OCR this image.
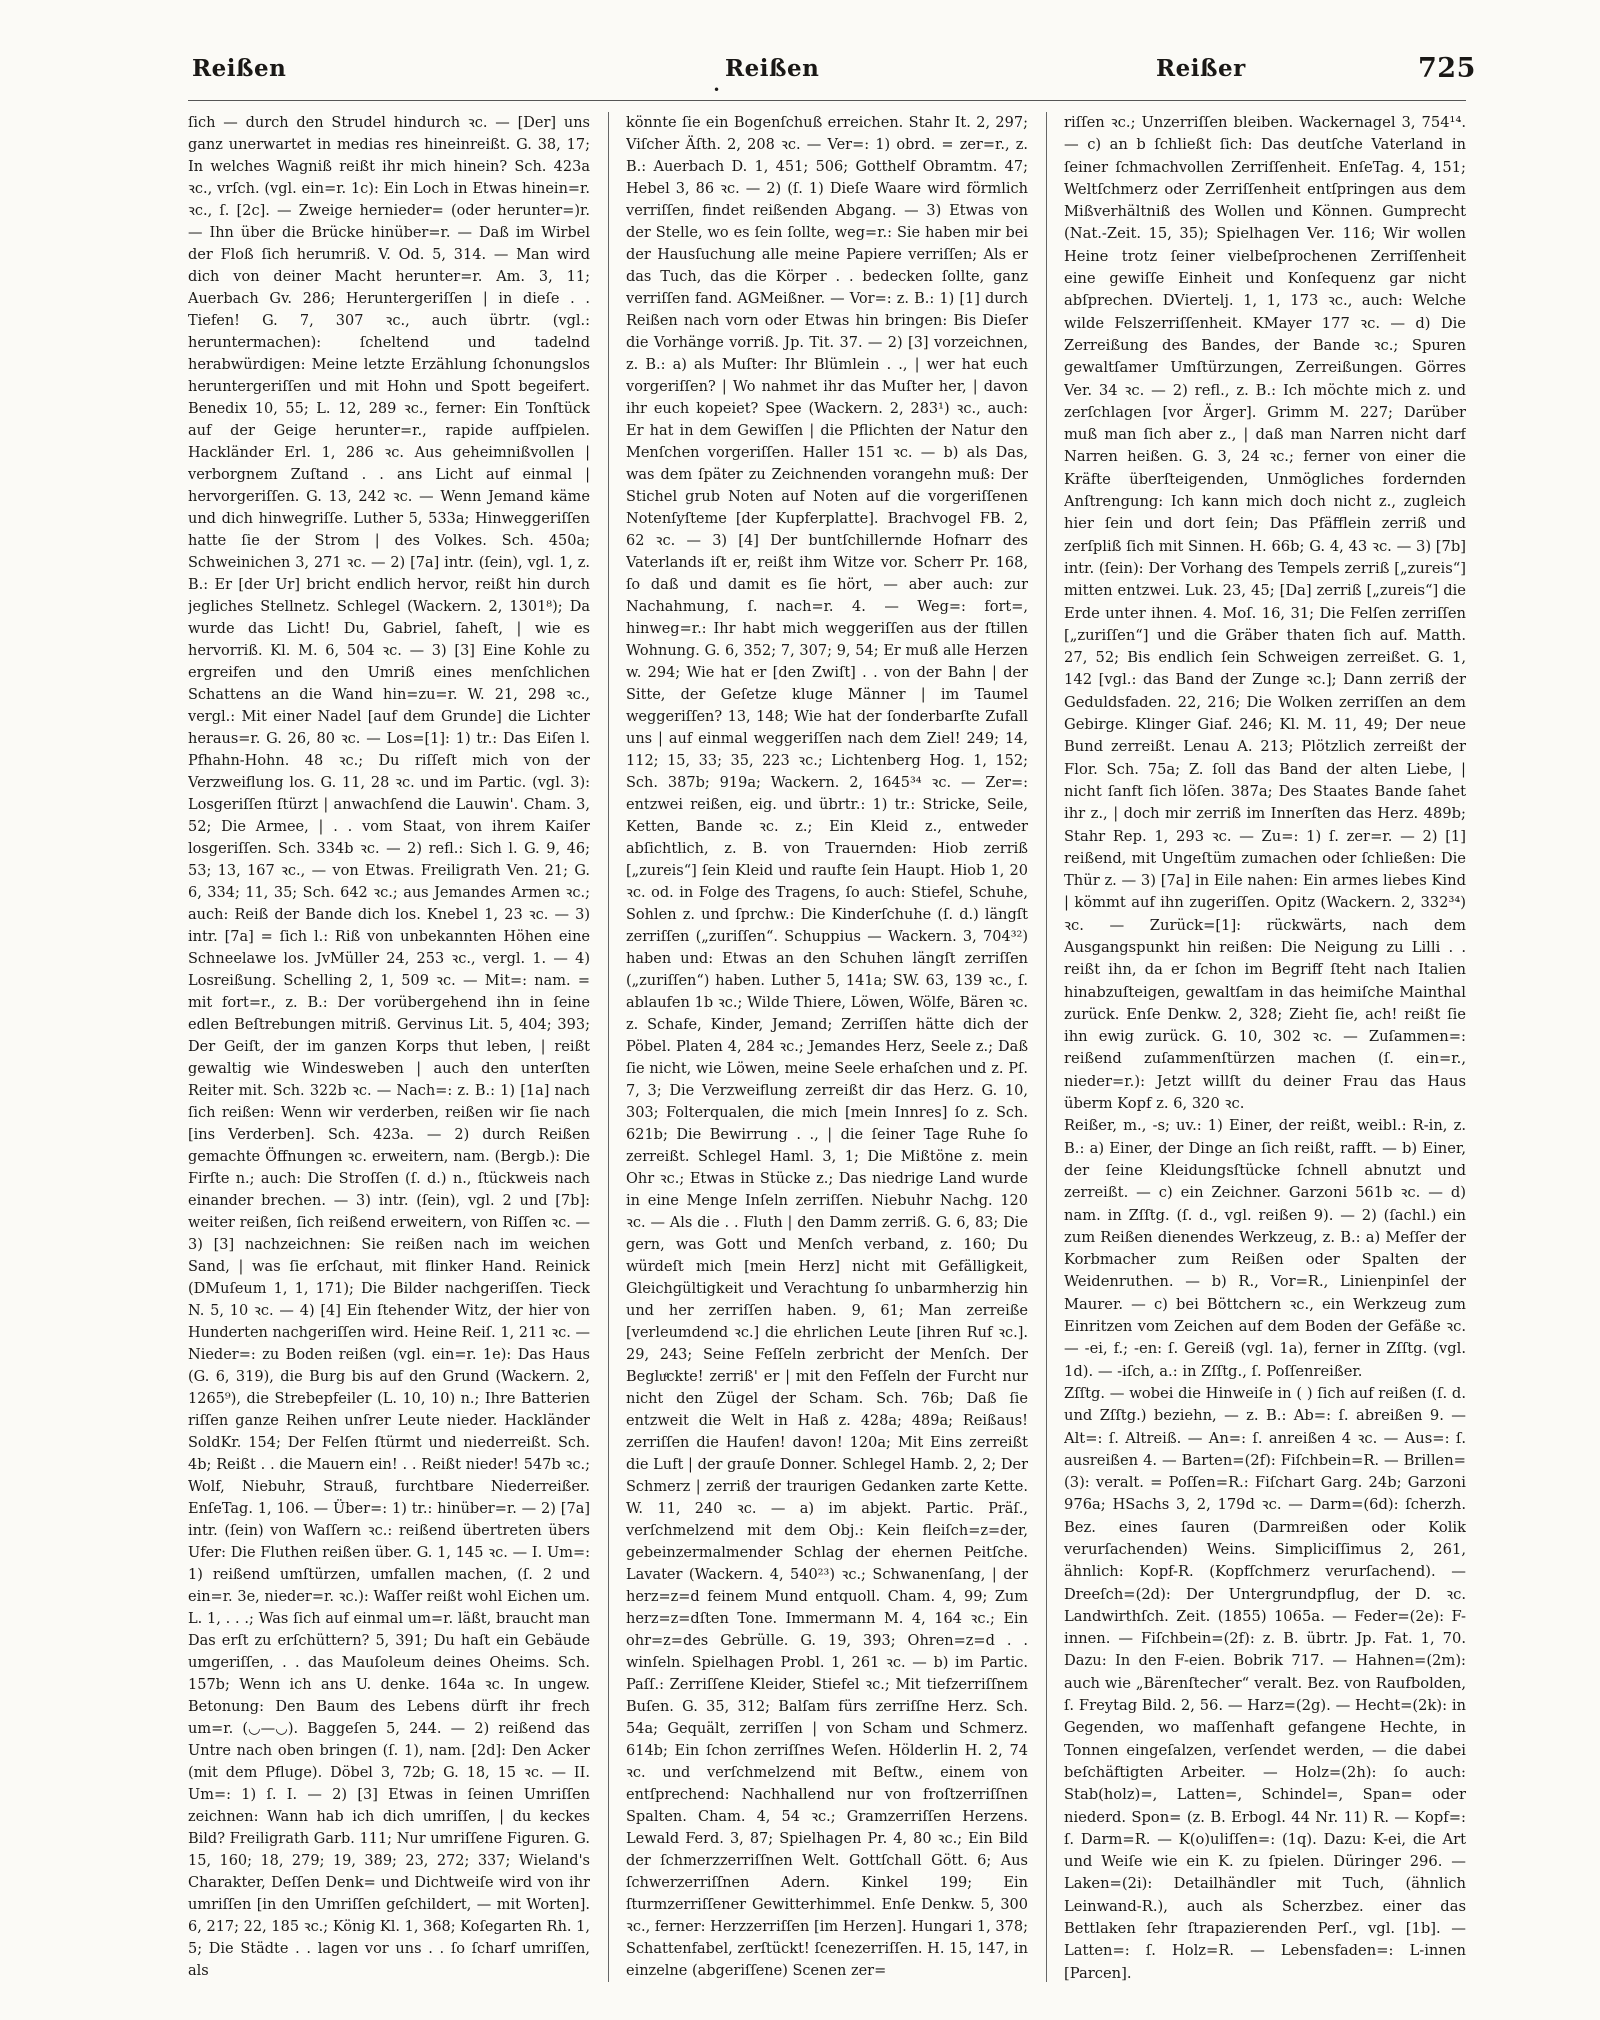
Reißen
•
Reißen	Reißer	725

ſich — durch den Strudel hindurch ꝛc. — [Der] uns ganz unerwartet in medias res hineinreißt. G. 38, 17; In welches Wagniß reißt ihr mich hinein? Sch. 423a ꝛc., vrſch. (vgl. ein=r. 1c): Ein Loch in Etwas hinein=r. ꝛc., ſ. [2c]. — Zweige hernieder= (oder herunter=)r. — Ihn über die Brücke hinüber=r. — Daß im Wirbel der Floß ſich herumriß. V. Od. 5, 314. — Man wird dich von deiner Macht herunter=r. Am. 3, 11; Auerbach Gv. 286; Heruntergeriſſen | in dieſe . . Tiefen! G. 7, 307 ꝛc., auch übrtr. (vgl.: heruntermachen): ſcheltend und tadelnd herabwürdigen: Meine letzte Erzählung ſchonungslos heruntergeriſſen und mit Hohn und Spott begeifert. Benedix 10, 55; L. 12, 289 ꝛc., ferner: Ein Tonſtück auf der Geige herunter=r., rapide aufſpielen. Hackländer Erl. 1, 286 ꝛc. Aus geheimnißvollen | verborgnem Zuſtand . . ans Licht auf einmal | hervorgeriſſen. G. 13, 242 ꝛc. — Wenn Jemand käme und dich hinwegriſſe. Luther 5, 533a; Hinweggeriſſen hatte ſie der Strom | des Volkes. Sch. 450a; Schweinichen 3, 271 ꝛc. — 2) [7a] intr. (ſein), vgl. 1, z. B.: Er [der Ur] bricht endlich hervor, reißt hin durch jegliches Stellnetz. Schlegel (Wackern. 2, 1301⁸); Da wurde das Licht! Du, Gabriel, ſaheſt, | wie es hervorriß. Kl. M. 6, 504 ꝛc. — 3) [3] Eine Kohle zu ergreifen und den Umriß eines menſchlichen Schattens an die Wand hin=zu=r. W. 21, 298 ꝛc., vergl.: Mit einer Nadel [auf dem Grunde] die Lichter heraus=r. G. 26, 80 ꝛc. — Los=[1]: 1) tr.: Das Eiſen l. Pfhahn-Hohn. 48 ꝛc.; Du riſſeſt mich von der Verzweiflung los. G. 11, 28 ꝛc. und im Partic. (vgl. 3): Losgeriſſen ſtürzt | anwachſend die Lauwin'. Cham. 3, 52; Die Armee, | . . vom Staat, von ihrem Kaiſer losgeriſſen. Sch. 334b ꝛc. — 2) refl.: Sich l. G. 9, 46; 53; 13, 167 ꝛc., — von Etwas. Freiligrath Ven. 21; G. 6, 334; 11, 35; Sch. 642 ꝛc.; aus Jemandes Armen ꝛc.; auch: Reiß der Bande dich los. Knebel 1, 23 ꝛc. — 3) intr. [7a] = ſich l.: Riß von unbekannten Höhen eine Schneelawe los. JvMüller 24, 253 ꝛc., vergl. 1. — 4) Losreißung. Schelling 2, 1, 509 ꝛc. — Mit=: nam. = mit fort=r., z. B.: Der vorübergehend ihn in ſeine edlen Beſtrebungen mitriß. Gervinus Lit. 5, 404; 393; Der Geiſt, der im ganzen Korps thut leben, | reißt gewaltig wie Windesweben | auch den unterſten Reiter mit. Sch. 322b ꝛc. — Nach=: z. B.: 1) [1a] nach ſich reißen: Wenn wir verderben, reißen wir ſie nach [ins Verderben]. Sch. 423a. — 2) durch Reißen gemachte Öffnungen ꝛc. erweitern, nam. (Bergb.): Die Firſte n.; auch: Die Stroſſen (ſ. d.) n., ſtückweis nach einander brechen. — 3) intr. (ſein), vgl. 2 und [7b]: weiter reißen, ſich reißend erweitern, von Riſſen ꝛc. — 3) [3] nachzeichnen: Sie reißen nach im weichen Sand, | was ſie erſchaut, mit flinker Hand. Reinick (DMuſeum 1, 1, 171); Die Bilder nachgeriſſen. Tieck N. 5, 10 ꝛc. — 4) [4] Ein ſtehender Witz, der hier von Hunderten nachgeriſſen wird. Heine Reiſ. 1, 211 ꝛc. — Nieder=: zu Boden reißen (vgl. ein=r. 1e): Das Haus (G. 6, 319), die Burg bis auf den Grund (Wackern. 2, 1265⁹), die Strebepfeiler (L. 10, 10) n.; Ihre Batterien riſſen ganze Reihen unſrer Leute nieder. Hackländer SoldKr. 154; Der Felſen ſtürmt und niederreißt. Sch. 4b; Reißt . . die Mauern ein! . . Reißt nieder! 547b ꝛc.; Wolf, Niebuhr, Strauß, furchtbare Niederreißer. EnſeTag. 1, 106. — Über=: 1) tr.: hinüber=r. — 2) [7a] intr. (ſein) von Waſſern ꝛc.: reißend übertreten übers Ufer: Die Fluthen reißen über. G. 1, 145 ꝛc. — I. Um=: 1) reißend umſtürzen, umfallen machen, (ſ. 2 und ein=r. 3e, nieder=r. ꝛc.): Waſſer reißt wohl Eichen um. L. 1, . . .; Was ſich auf einmal um=r. läßt, braucht man Das erſt zu erſchüttern? 5, 391; Du haſt ein Gebäude umgeriſſen, . . das Mauſoleum deines Oheims. Sch. 157b; Wenn ich ans U. denke. 164a ꝛc. In ungew. Betonung: Den Baum des Lebens dürft ihr frech um=r. (◡—◡). Baggeſen 5, 244. — 2) reißend das Untre nach oben bringen (ſ. 1), nam. [2d]: Den Acker (mit dem Pfluge). Döbel 3, 72b; G. 18, 15 ꝛc. — II. Um=: 1) ſ. I. — 2) [3] Etwas in ſeinen Umriſſen zeichnen: Wann hab ich dich umriſſen, | du keckes Bild? Freiligrath Garb. 111; Nur umriſſene Figuren. G. 15, 160; 18, 279; 19, 389; 23, 272; 337; Wieland's Charakter, Deſſen Denk= und Dichtweiſe wird von ihr umriſſen [in den Umriſſen geſchildert, — mit Worten]. 6, 217; 22, 185 ꝛc.; König Kl. 1, 368; Koſegarten Rh. 1, 5; Die Städte . . lagen vor uns . . ſo ſcharf umriſſen, als

könnte ſie ein Bogenſchuß erreichen. Stahr It. 2, 297; Viſcher Äſth. 2, 208 ꝛc. — Ver=: 1) obrd. = zer=r., z. B.: Auerbach D. 1, 451; 506; Gotthelf Obramtm. 47; Hebel 3, 86 ꝛc. — 2) (ſ. 1) Dieſe Waare wird förmlich verriſſen, findet reißenden Abgang. — 3) Etwas von der Stelle, wo es ſein ſollte, weg=r.: Sie haben mir bei der Hausſuchung alle meine Papiere verriſſen; Als er das Tuch, das die Körper . . bedecken ſollte, ganz verriſſen fand. AGMeißner. — Vor=: z. B.: 1) [1] durch Reißen nach vorn oder Etwas hin bringen: Bis Dieſer die Vorhänge vorriß. Jp. Tit. 37. — 2) [3] vorzeichnen, z. B.: a) als Muſter: Ihr Blümlein . ., | wer hat euch vorgeriſſen? | Wo nahmet ihr das Muſter her, | davon ihr euch kopeiet? Spee (Wackern. 2, 283¹) ꝛc., auch: Er hat in dem Gewiſſen | die Pflichten der Natur den Menſchen vorgeriſſen. Haller 151 ꝛc. — b) als Das, was dem ſpäter zu Zeichnenden vorangehn muß: Der Stichel grub Noten auf Noten auf die vorgeriſſenen Notenſyſteme [der Kupferplatte]. Brachvogel FB. 2, 62 ꝛc. — 3) [4] Der buntſchillernde Hofnarr des Vaterlands iſt er, reißt ihm Witze vor. Scherr Pr. 168, ſo daß und damit es ſie hört, — aber auch: zur Nachahmung, ſ. nach=r. 4. — Weg=: fort=, hinweg=r.: Ihr habt mich weggeriſſen aus der ſtillen Wohnung. G. 6, 352; 7, 307; 9, 54; Er muß alle Herzen w. 294; Wie hat er [den Zwiſt] . . von der Bahn | der Sitte, der Geſetze kluge Männer | im Taumel weggeriſſen? 13, 148; Wie hat der ſonderbarſte Zufall uns | auf einmal weggeriſſen nach dem Ziel! 249; 14, 112; 15, 33; 35, 223 ꝛc.; Lichtenberg Hog. 1, 152; Sch. 387b; 919a; Wackern. 2, 1645³⁴ ꝛc. — Zer=: entzwei reißen, eig. und übrtr.: 1) tr.: Stricke, Seile, Ketten, Bande ꝛc. z.; Ein Kleid z., entweder abſichtlich, z. B. von Trauernden: Hiob zerriß [„zureis“] ſein Kleid und raufte ſein Haupt. Hiob 1, 20 ꝛc. od. in Folge des Tragens, ſo auch: Stiefel, Schuhe, Sohlen z. und ſprchw.: Die Kinderſchuhe (ſ. d.) längſt zerriſſen („zuriſſen“. Schuppius — Wackern. 3, 704³²) haben und: Etwas an den Schuhen längſt zerriſſen („zuriſſen“) haben. Luther 5, 141a; SW. 63, 139 ꝛc., ſ. ablaufen 1b ꝛc.; Wilde Thiere, Löwen, Wölfe, Bären ꝛc. z. Schafe, Kinder, Jemand; Zerriſſen hätte dich der Pöbel. Platen 4, 284 ꝛc.; Jemandes Herz, Seele z.; Daß ſie nicht, wie Löwen, meine Seele erhaſchen und z. Pſ. 7, 3; Die Verzweiflung zerreißt dir das Herz. G. 10, 303; Folterqualen, die mich [mein Innres] ſo z. Sch. 621b; Die Bewirrung . ., | die ſeiner Tage Ruhe ſo zerreißt. Schlegel Haml. 3, 1; Die Mißtöne z. mein Ohr ꝛc.; Etwas in Stücke z.; Das niedrige Land wurde in eine Menge Inſeln zerriſſen. Niebuhr Nachg. 120 ꝛc. — Als die . . Fluth | den Damm zerriß. G. 6, 83; Die gern, was Gott und Menſch verband, z. 160; Du würdeſt mich [mein Herz] nicht mit Gefälligkeit, Gleichgültigkeit und Verachtung ſo unbarmherzig hin und her zerriſſen haben. 9, 61; Man zerreiße [verleumdend ꝛc.] die ehrlichen Leute [ihren Ruf ꝛc.]. 29, 243; Seine Feſſeln zerbricht der Menſch. Der Begluͤckte! zerriß' er | mit den Feſſeln der Furcht nur nicht den Zügel der Scham. Sch. 76b; Daß ſie entzweit die Welt in Haß z. 428a; 489a; Reißaus! zerriſſen die Haufen! davon! 120a; Mit Eins zerreißt die Luft | der grauſe Donner. Schlegel Hamb. 2, 2; Der Schmerz | zerriß der traurigen Gedanken zarte Kette. W. 11, 240 ꝛc. — a) im abjekt. Partic. Präſ., verſchmelzend mit dem Obj.: Kein fleiſch=z=der, gebeinzermalmender Schlag der ehernen Peitſche. Lavater (Wackern. 4, 540²³) ꝛc.; Schwanenſang, | der herz=z=d feinem Mund entquoll. Cham. 4, 99; Zum herz=z=dſten Tone. Immermann M. 4, 164 ꝛc.; Ein ohr=z=des Gebrülle. G. 19, 393; Ohren=z=d . . winſeln. Spielhagen Probl. 1, 261 ꝛc. — b) im Partic. Paſſ.: Zerriſſene Kleider, Stiefel ꝛc.; Mit tiefzerriſſnem Buſen. G. 35, 312; Balſam fürs zerriſſne Herz. Sch. 54a; Gequält, zerriſſen | von Scham und Schmerz. 614b; Ein ſchon zerriſſnes Weſen. Hölderlin H. 2, 74 ꝛc. und verſchmelzend mit Beſtw., einem von entſprechend: Nachhallend nur von froſtzerriſſnen Spalten. Cham. 4, 54 ꝛc.; Gramzerriſſen Herzens. Lewald Ferd. 3, 87; Spielhagen Pr. 4, 80 ꝛc.; Ein Bild der ſchmerzzerriſſnen Welt. Gottſchall Gött. 6; Aus ſchwerzerriſſnen Adern. Kinkel 199; Ein ſturmzerriſſener Gewitterhimmel. Enſe Denkw. 5, 300 ꝛc., ferner: Herzzerriſſen [im Herzen]. Hungari 1, 378; Schattenfabel, zerſtückt! ſcenezerriſſen. H. 15, 147, in einzelne (abgeriſſene) Scenen zer=

riſſen ꝛc.; Unzerriſſen bleiben. Wackernagel 3, 754¹⁴. — c) an b ſchließt ſich: Das deutſche Vaterland in ſeiner ſchmachvollen Zerriſſenheit. EnſeTag. 4, 151; Weltſchmerz oder Zerriſſenheit entſpringen aus dem Mißverhältniß des Wollen und Können. Gumprecht (Nat.-Zeit. 15, 35); Spielhagen Ver. 116; Wir wollen Heine trotz ſeiner vielbeſprochenen Zerriſſenheit eine gewiſſe Einheit und Konſequenz gar nicht abſprechen. DViertelj. 1, 1, 173 ꝛc., auch: Welche wilde Felszerriſſenheit. KMayer 177 ꝛc. — d) Die Zerreißung des Bandes, der Bande ꝛc.; Spuren gewaltſamer Umſtürzungen, Zerreißungen. Görres Ver. 34 ꝛc. — 2) refl., z. B.: Ich möchte mich z. und zerſchlagen [vor Ärger]. Grimm M. 227; Darüber muß man ſich aber z., | daß man Narren nicht darf Narren heißen. G. 3, 24 ꝛc.; ferner von einer die Kräfte überſteigenden, Unmögliches fordernden Anſtrengung: Ich kann mich doch nicht z., zugleich hier ſein und dort ſein; Das Pfäfflein zerriß und zerſpliß ſich mit Sinnen. H. 66b; G. 4, 43 ꝛc. — 3) [7b] intr. (ſein): Der Vorhang des Tempels zerriß [„zureis“] mitten entzwei. Luk. 23, 45; [Da] zerriß [„zureis“] die Erde unter ihnen. 4. Moſ. 16, 31; Die Felſen zerriſſen [„zuriſſen“] und die Gräber thaten ſich auf. Matth. 27, 52; Bis endlich ſein Schweigen zerreißet. G. 1, 142 [vgl.: das Band der Zunge ꝛc.]; Dann zerriß der Geduldsfaden. 22, 216; Die Wolken zerriſſen an dem Gebirge. Klinger Giaf. 246; Kl. M. 11, 49; Der neue Bund zerreißt. Lenau A. 213; Plötzlich zerreißt der Flor. Sch. 75a; Z. ſoll das Band der alten Liebe, | nicht ſanft ſich löſen. 387a; Des Staates Bande ſahet ihr z., | doch mir zerriß im Innerſten das Herz. 489b; Stahr Rep. 1, 293 ꝛc. — Zu=: 1) ſ. zer=r. — 2) [1] reißend, mit Ungeſtüm zumachen oder ſchließen: Die Thür z. — 3) [7a] in Eile nahen: Ein armes liebes Kind | kömmt auf ihn zugeriſſen. Opitz (Wackern. 2, 332³⁴) ꝛc. — Zurück=[1]: rückwärts, nach dem Ausgangspunkt hin reißen: Die Neigung zu Lilli . . reißt ihn, da er ſchon im Begriff ſteht nach Italien hinabzuſteigen, gewaltſam in das heimiſche Mainthal zurück. Enſe Denkw. 2, 328; Zieht ſie, ach! reißt ſie ihn ewig zurück. G. 10, 302 ꝛc. — Zuſammen=: reißend zuſammenſtürzen machen (ſ. ein=r., nieder=r.): Jetzt willſt du deiner Frau das Haus überm Kopf z. 6, 320 ꝛc.

Reißer, m., -s; uv.: 1) Einer, der reißt, weibl.: R-in, z. B.: a) Einer, der Dinge an ſich reißt, rafft. — b) Einer, der ſeine Kleidungsſtücke ſchnell abnutzt und zerreißt. — c) ein Zeichner. Garzoni 561b ꝛc. — d) nam. in Zſſtg. (ſ. d., vgl. reißen 9). — 2) (ſachl.) ein zum Reißen dienendes Werkzeug, z. B.: a) Meſſer der Korbmacher zum Reißen oder Spalten der Weidenruthen. — b) R., Vor=R., Linienpinſel der Maurer. — c) bei Böttchern ꝛc., ein Werkzeug zum Einritzen vom Zeichen auf dem Boden der Gefäße ꝛc. — -ei, f.; -en: ſ. Gereiß (vgl. 1a), ferner in Zſſtg. (vgl. 1d). — -iſch, a.: in Zſſtg., ſ. Poſſenreißer.

Zſſtg. — wobei die Hinweiſe in ( ) ſich auf reißen (ſ. d. und Zſſtg.) beziehn, — z. B.: Ab=: ſ. abreißen 9. — Alt=: ſ. Altreiß. — An=: ſ. anreißen 4 ꝛc. — Aus=: ſ. ausreißen 4. — Barten=(2f): Fiſchbein=R. — Brillen=(3): veralt. = Poſſen=R.: Fiſchart Garg. 24b; Garzoni 976a; HSachs 3, 2, 179d ꝛc. — Darm=(6d): ſcherzh. Bez. eines ſauren (Darmreißen oder Kolik verurſachenden) Weins. Simpliciſſimus 2, 261, ähnlich: Kopf-R. (Kopfſchmerz verurſachend). — Dreeſch=(2d): Der Untergrundpflug, der D. ꝛc. Landwirthſch. Zeit. (1855) 1065a. — Feder=(2e): F-innen. — Fiſchbein=(2f): z. B. übrtr. Jp. Fat. 1, 70. Dazu: In den F-eien. Bobrik 717. — Hahnen=(2m): auch wie „Bärenſtecher“ veralt. Bez. von Raufbolden, ſ. Freytag Bild. 2, 56. — Harz=(2g). — Hecht=(2k): in Gegenden, wo maſſenhaft gefangene Hechte, in Tonnen eingeſalzen, verſendet werden, — die dabei beſchäftigten Arbeiter. — Holz=(2h): ſo auch: Stab(holz)=, Latten=, Schindel=, Span= oder niederd. Spon= (z. B. Erbogl. 44 Nr. 11) R. — Kopf=: ſ. Darm=R. — K(o)uliſſen=: (1q). Dazu: K-ei, die Art und Weiſe wie ein K. zu ſpielen. Düringer 296. — Laken=(2i): Detailhändler mit Tuch, (ähnlich Leinwand-R.), auch als Scherzbez. einer das Bettlaken ſehr ſtrapazierenden Perſ., vgl. [1b]. — Latten=: ſ. Holz=R. — Lebensfaden=: L-innen [Parcen].
